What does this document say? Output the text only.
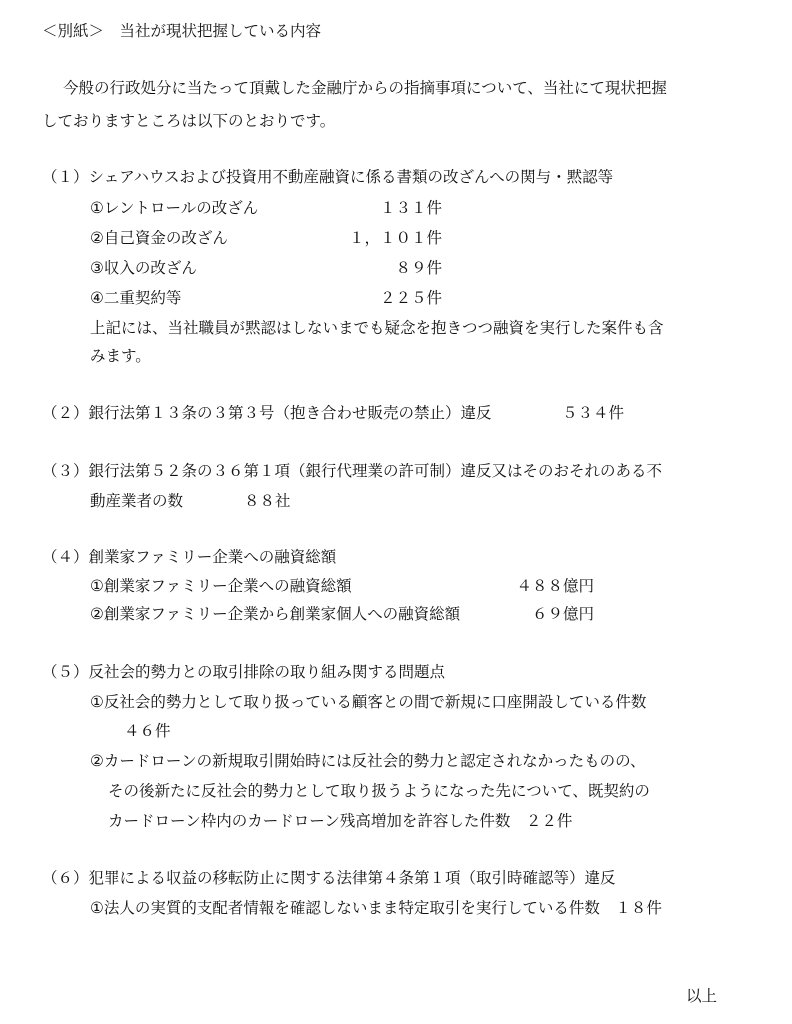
＜別紙＞　当社が現状把握している内容
今般の行政処分に当たって頂戴した金融庁からの指摘事項について、当社にて現状把握
しておりますところは以下のとおりです。
（１）シェアハウスおよび投資用不動産融資に係る書類の改ざんへの関与・黙認等
①レントロールの改ざん	１３１件
②自己資金の改ざん	１，１０１件
③収入の改ざん	８９件
④二重契約等	２２５件
上記には、当社職員が黙認はしないまでも疑念を抱きつつ融資を実行した案件も含
みます。
（２）銀行法第１３条の３第３号（抱き合わせ販売の禁止）違反	５３４件
（３）銀行法第５２条の３６第１項（銀行代理業の許可制）違反又はそのおそれのある不
動産業者の数	８８社
（４）創業家ファミリー企業への融資総額
①創業家ファミリー企業への融資総額	４８８億円
②創業家ファミリー企業から創業家個人への融資総額	６９億円
（５）反社会的勢力との取引排除の取り組み関する問題点
①反社会的勢力として取り扱っている顧客との間で新規に口座開設している件数
４６件
②カードローンの新規取引開始時には反社会的勢力と認定されなかったものの、
その後新たに反社会的勢力として取り扱うようになった先について、既契約の
カードローン枠内のカードローン残高増加を許容した件数　２２件
（６）犯罪による収益の移転防止に関する法律第４条第１項（取引時確認等）違反
①法人の実質的支配者情報を確認しないまま特定取引を実行している件数　１８件
以上
